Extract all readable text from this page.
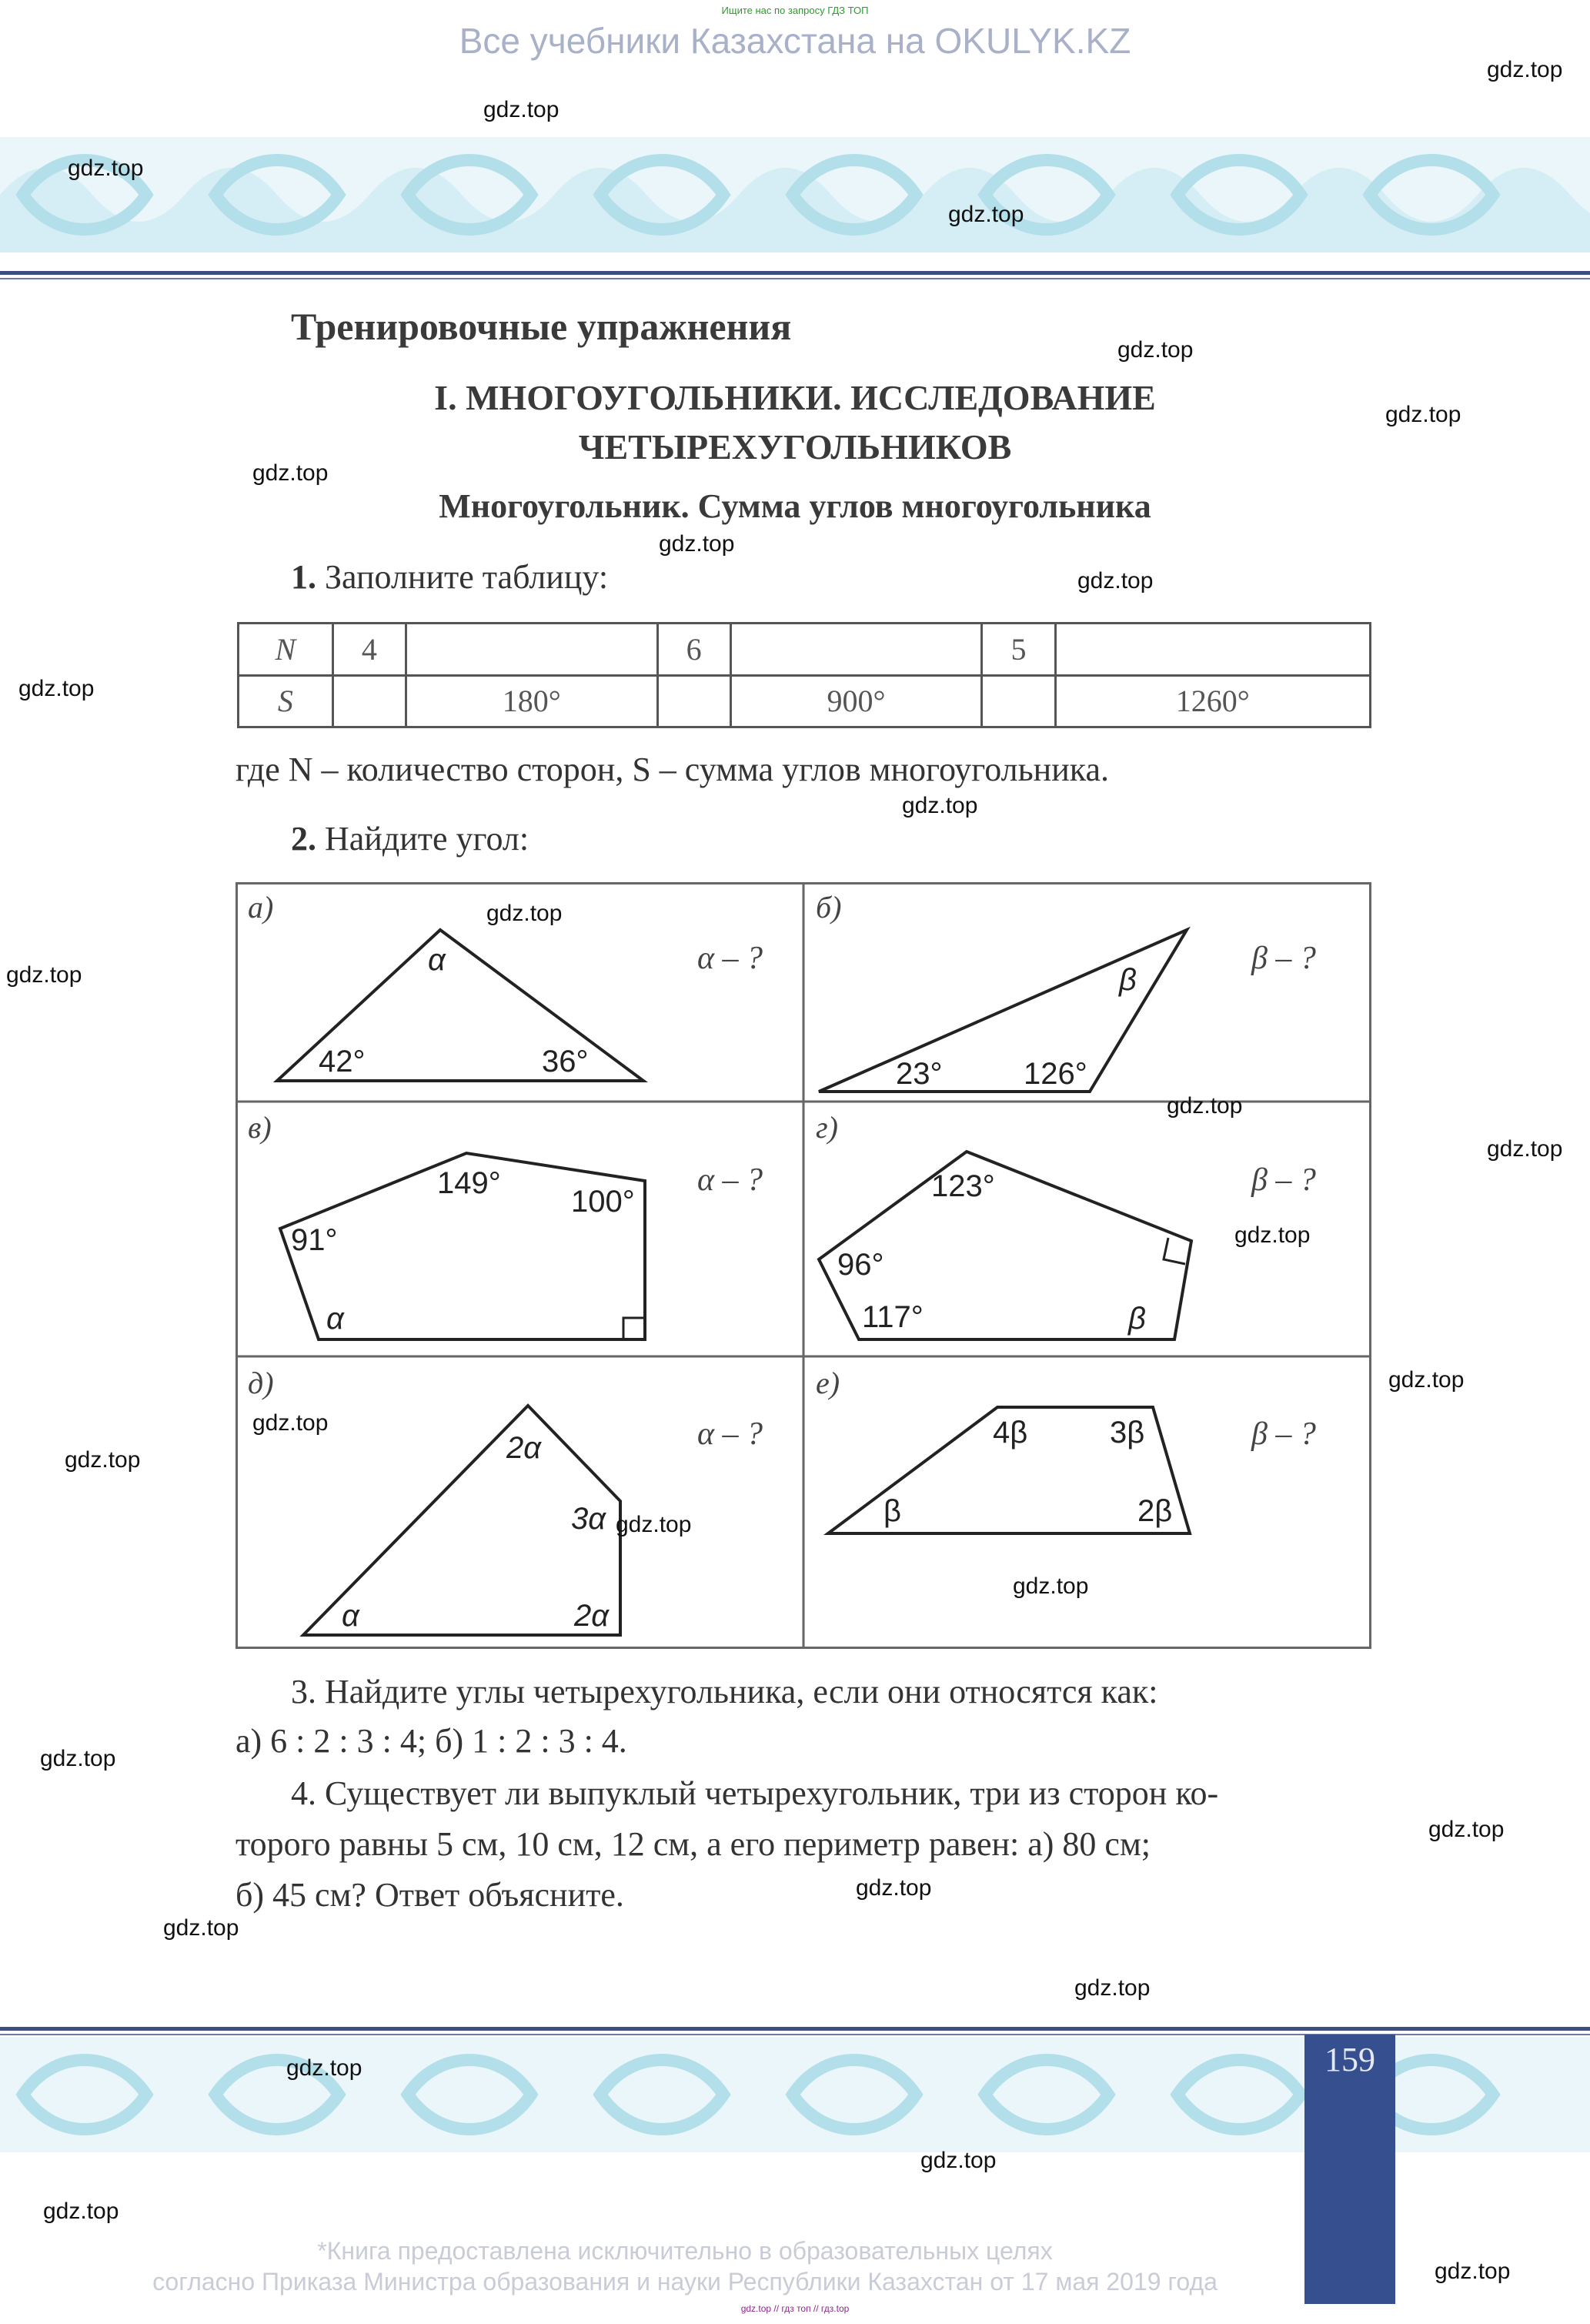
Ищите нас по запросу ГДЗ ТОП
Все учебники Казахстана на OKULYK.KZ
Тренировочные упражнения
I. МНОГОУГОЛЬНИКИ. ИССЛЕДОВАНИЕ
ЧЕТЫРЕХУГОЛЬНИКОВ
Многоугольник. Сумма углов многоугольника
1. Заполните таблицу:
N	4		6		5	
S		180°		900°		1260°
где N – количество сторон, S – сумма углов многоугольника.
2. Найдите угол:
а)
α – ?
α
42°	36°
б)
β – ?
β
23°	126°
в)
α – ?
149°
100°
91°
α
г)
β – ?
123°
96°
117°	β
д)
α – ?
2α
3α
α	2α
е)
β – ?
4β	3β
β	2β
3. Найдите углы четырехугольника, если они относятся как:
а) 6 : 2 : 3 : 4; б) 1 : 2 : 3 : 4.
4. Существует ли выпуклый четырехугольник, три из сторон ко-
торого равны 5 см, 10 см, 12 см, а его периметр равен: а) 80 см;
б) 45 см? Ответ объясните.
159
*Книга предоставлена исключительно в образовательных целях
согласно Приказа Министра образования и науки Республики Казахстан от 17 мая 2019 года
gdz.top // гдз топ // гдз.top
gdz.top
gdz.top
gdz.top
gdz.top
gdz.top
gdz.top
gdz.top
gdz.top
gdz.top
gdz.top
gdz.top
gdz.top
gdz.top
gdz.top
gdz.top
gdz.top
gdz.top
gdz.top
gdz.top
gdz.top
gdz.top
gdz.top
gdz.top
gdz.top
gdz.top
gdz.top
gdz.top
gdz.top
gdz.top
gdz.top
